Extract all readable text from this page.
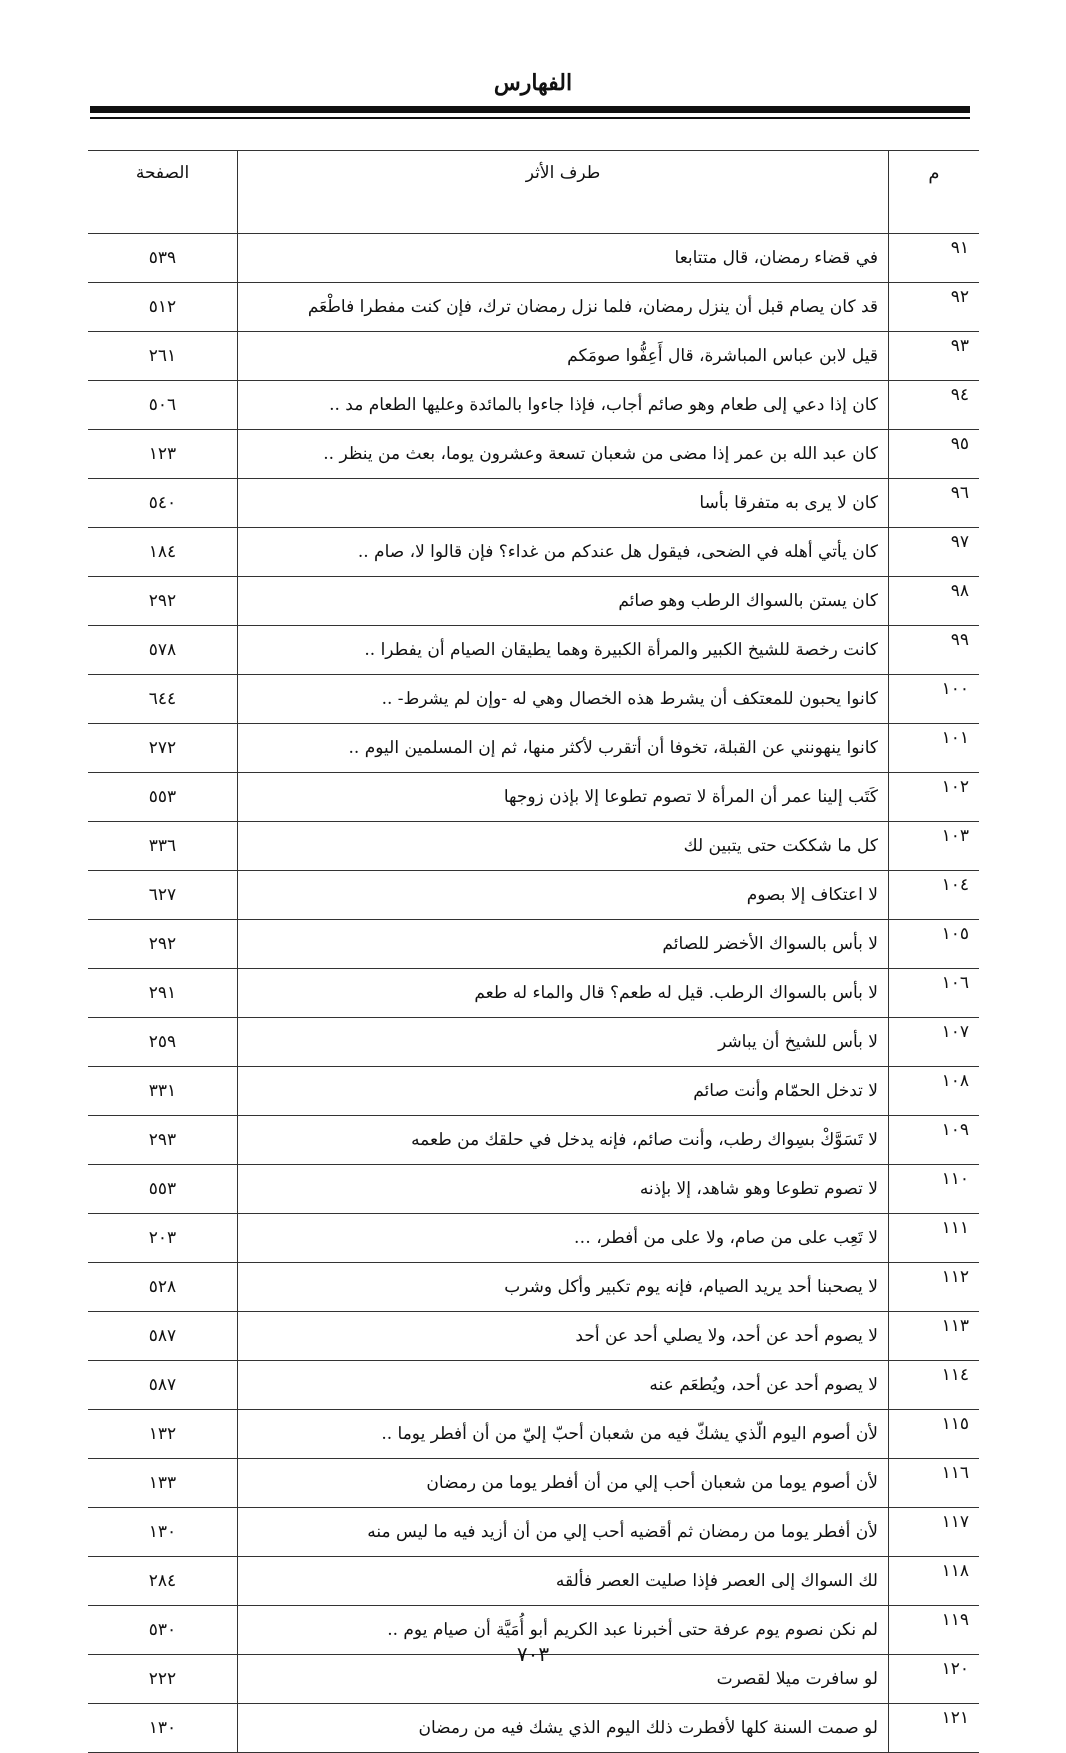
الفهارس
م	طرف الأثر	الصفحة
٩١	في قضاء رمضان، قال متتابعا	٥٣٩
٩٢	قد كان يصام قبل أن ينزل رمضان، فلما نزل رمضان ترك، فإن كنت مفطرا فاطْعَم	٥١٢
٩٣	قيل لابن عباس المباشرة، قال أَعِفُّوا صومَكم	٢٦١
٩٤	كان إذا دعي إلى طعام وهو صائم أجاب، فإذا جاءوا بالمائدة وعليها الطعام مد ..	٥٠٦
٩٥	كان عبد الله بن عمر إذا مضى من شعبان تسعة وعشرون يوما، بعث من ينظر ..	١٢٣
٩٦	كان لا يرى به متفرقا بأسا	٥٤٠
٩٧	كان يأتي أهله في الضحى، فيقول هل عندكم من غداء؟ فإن قالوا لا، صام ..	١٨٤
٩٨	كان يستن بالسواك الرطب وهو صائم	٢٩٢
٩٩	كانت رخصة للشيخ الكبير والمرأة الكبيرة وهما يطيقان الصيام أن يفطرا ..	٥٧٨
١٠٠	كانوا يحبون للمعتكف أن يشرط هذه الخصال وهي له -وإن لم يشرط- ..	٦٤٤
١٠١	كانوا ينهونني عن القبلة، تخوفا أن أتقرب لأكثر منها، ثم إن المسلمين اليوم ..	٢٧٢
١٠٢	كَتَب إلينا عمر أن المرأة لا تصوم تطوعا إلا بإذن زوجها	٥٥٣
١٠٣	كل ما شككت حتى يتبين لك	٣٣٦
١٠٤	لا اعتكاف إلا بصوم	٦٢٧
١٠٥	لا بأس بالسواك الأخضر للصائم	٢٩٢
١٠٦	لا بأس بالسواك الرطب. قيل له طعم؟ قال والماء له طعم	٢٩١
١٠٧	لا بأس للشيخ أن يباشر	٢٥٩
١٠٨	لا تدخل الحمّام وأنت صائم	٣٣١
١٠٩	لا تَسَوَّكْ بسِواك رطب، وأنت صائم، فإنه يدخل في حلقك من طعمه	٢٩٣
١١٠	لا تصوم تطوعا وهو شاهد، إلا بإذنه	٥٥٣
١١١	لا تَعِب على من صام، ولا على من أفطر، …	٢٠٣
١١٢	لا يصحبنا أحد يريد الصيام، فإنه يوم تكبير وأكل وشرب	٥٢٨
١١٣	لا يصوم أحد عن أحد، ولا يصلي أحد عن أحد	٥٨٧
١١٤	لا يصوم أحد عن أحد، ويُطعَم عنه	٥٨٧
١١٥	لأن أصوم اليوم الّذي يشكّ فيه من شعبان أحبّ إليّ من أن أفطر يوما ..	١٣٢
١١٦	لأن أصوم يوما من شعبان أحب إلي من أن أفطر يوما من رمضان	١٣٣
١١٧	لأن أفطر يوما من رمضان ثم أقضيه أحب إلي من أن أزيد فيه ما ليس منه	١٣٠
١١٨	لك السواك إلى العصر فإذا صليت العصر فألقه	٢٨٤
١١٩	لم نكن نصوم يوم عرفة حتى أخبرنا عبد الكريم أبو أُمَيَّة أن صيام يوم ..	٥٣٠
١٢٠	لو سافرت ميلا لقصرت	٢٢٢
١٢١	لو صمت السنة كلها لأفطرت ذلك اليوم الذي يشك فيه من رمضان	١٣٠
٧٠٣
